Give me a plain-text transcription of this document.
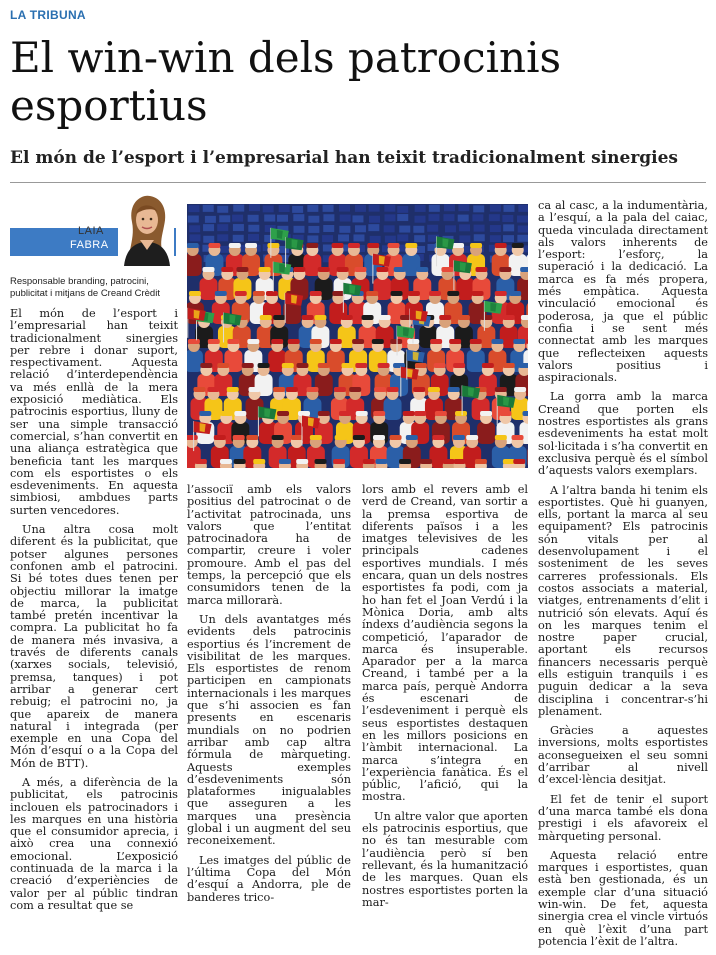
LA TRIBUNA
El win-win dels patrocinis esportius
El món de l’esport i l’empresarial han teixit tradicionalment sinergies
LAIA
FABRA

Responsable branding, patrocini, publicitat i mitjans de Creand Crèdit

El món de l’esport i l’empresarial han teixit tradicionalment sinergies per rebre i donar suport, respectivament. Aquesta relació d’interdependència va més enllà de la mera exposició mediàtica. Els patrocinis esportius, lluny de ser una simple transacció comercial, s’han convertit en una aliança estratègica que beneficia tant les marques com els esportistes o els esdeveniments. En aquesta simbiosi, ambdues parts surten vencedores.

Una altra cosa molt diferent és la publicitat, que potser algunes persones confonen amb el patrocini. Si bé totes dues tenen per objectiu millorar la imatge de marca, la publicitat també pretén incentivar la compra. La publicitat ho fa de manera més invasiva, a través de diferents canals (xarxes socials, televisió, premsa, tanques) i pot arribar a generar cert rebuig; el patrocini no, ja que apareix de manera natural i integrada (per exemple en una Copa del Món d’esquí o a la Copa del Món de BTT).

A més, a diferència de la publicitat, els patrocinis inclouen els patrocinadors i les marques en una història que el consumidor aprecia, i això crea una connexió emocional. L’exposició continuada de la marca i la creació d’experiències de valor per al públic tindran com a resultat que se

l’associï amb els valors positius del patrocinat o de l’activitat patrocinada, uns valors que l’entitat patrocinadora ha de compartir, creure i voler promoure. Amb el pas del temps, la percepció que els consumidors tenen de la marca millorarà.

Un dels avantatges més evidents dels patrocinis esportius és l’increment de visibilitat de les marques. Els esportistes de renom participen en campionats internacionals i les marques que s’hi associen es fan presents en escenaris mundials on no podrien arribar amb cap altra fórmula de màrqueting. Aquests exemples d’esdeveniments són plataformes inigualables que asseguren a les marques una presència global i un augment del seu reconeixement.

Les imatges del públic de l’última Copa del Món d’esquí a Andorra, ple de banderes trico-

lors amb el revers amb el verd de Creand, van sortir a la premsa esportiva de diferents països i a les imatges televisives de les principals cadenes esportives mundials. I més encara, quan un dels nostres esportistes fa podi, com ja ho han fet el Joan Verdú i la Mònica Doria, amb alts índexs d’audiència segons la competició, l’aparador de marca és insuperable. Aparador per a la marca Creand, i també per a la marca país, perquè Andorra és escenari de l’esdeveniment i perquè els seus esportistes destaquen en les millors posicions en l’àmbit internacional. La marca s’integra en l’experiència fanàtica. És el públic, l’afició, qui la mostra.

Un altre valor que aporten els patrocinis esportius, que no és tan mesurable com l’audiència però sí ben rellevant, és la humanització de les marques. Quan els nostres esportistes porten la mar-

ca al casc, a la indumentària, a l’esquí, a la pala del caiac, queda vinculada directament als valors inherents de l’esport: l’esforç, la superació i la dedicació. La marca es fa més propera, més empàtica. Aquesta vinculació emocional és poderosa, ja que el públic confia i se sent més connectat amb les marques que reflecteixen aquests valors positius i aspiracionals.

La gorra amb la marca Creand que porten els nostres esportistes als grans esdeveniments ha estat molt sol·licitada i s’ha convertit en exclusiva perquè és el símbol d’aquests valors exemplars.

A l’altra banda hi tenim els esportistes. Què hi guanyen, ells, portant la marca al seu equipament? Els patrocinis són vitals per al desenvolupament i el sosteniment de les seves carreres professionals. Els costos associats a material, viatges, entrenaments d’elit i nutrició són elevats. Aquí és on les marques tenim el nostre paper crucial, aportant els recursos financers necessaris perquè ells estiguin tranquils i es puguin dedicar a la seva disciplina i concentrar-s’hi plenament.

Gràcies a aquestes inversions, molts esportistes aconsegueixen el seu somni d’arribar al nivell d’excel·lència desitjat.

El fet de tenir el suport d’una marca també els dona prestigi i els afavoreix el màrqueting personal.

Aquesta relació entre marques i esportistes, quan està ben gestionada, és un exemple clar d’una situació win-win. De fet, aquesta sinergia crea el vincle virtuós en què l’èxit d’una part potencia l’èxit de l’altra.
